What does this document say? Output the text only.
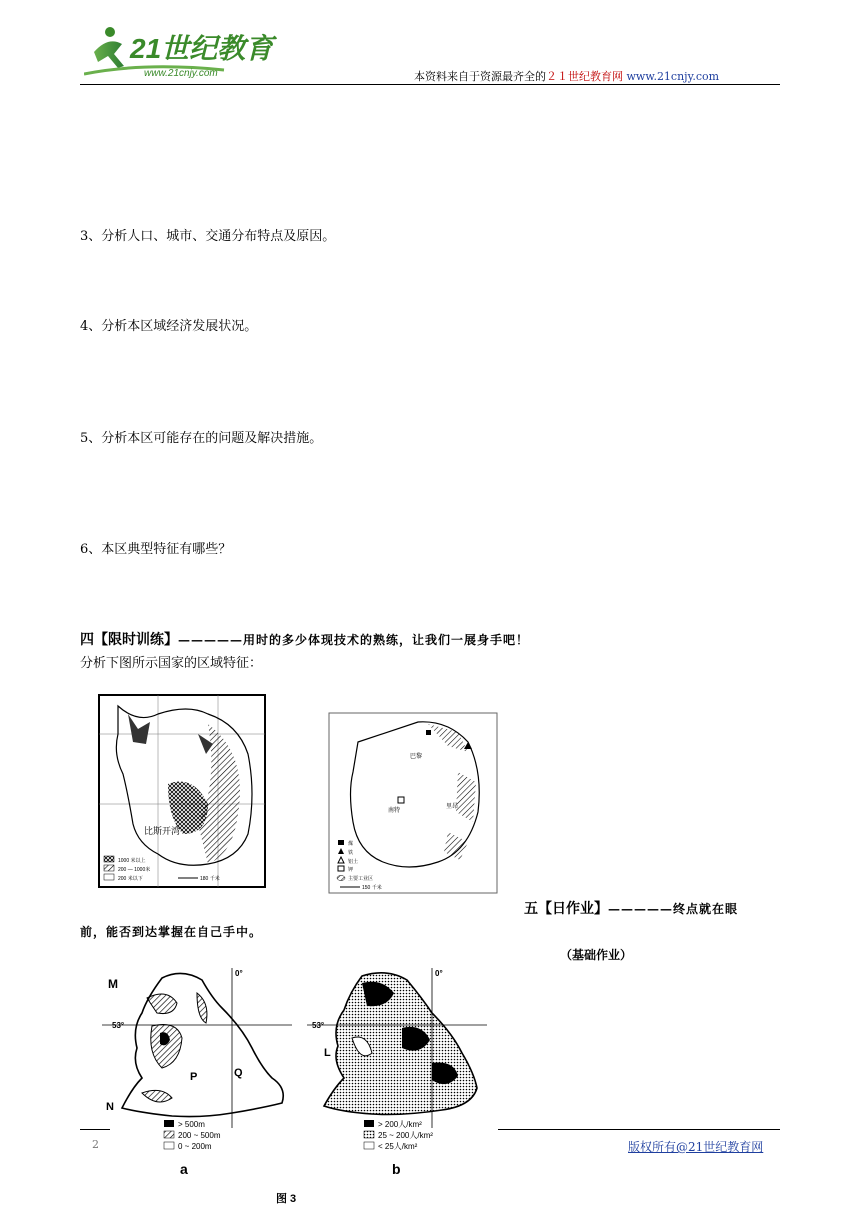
21世纪教育
www.21cnjy.com	本资料来自于资源最齐全的２１世纪教育网 www.21cnjy.com
3、分析人口、城市、交通分布特点及原因。
4、分析本区域经济发展状况。
5、分析本区可能存在的问题及解决措施。
6、本区典型特征有哪些？
四【限时训练】—————用时的多少体现技术的熟练，让我们一展身手吧！
分析下图所示国家的区域特征：
比斯开湾
1000 米以上
200 — 1000米
200 米以下	180 千米
巴黎
南特
里昂
煤
铁
铝土
钾
主要工业区
150 千米
五【日作业】—————终点就在眼
前，能否到达掌握在自己手中。
（基础作业）
M
53°
0°
P	Q
N
> 500m
200 ~ 500m
0 ~ 200m
a
53°
0°
L
> 200人/km²
25 ~ 200人/km²
< 25人/km²
b
图 3
2	版权所有@21世纪教育网
